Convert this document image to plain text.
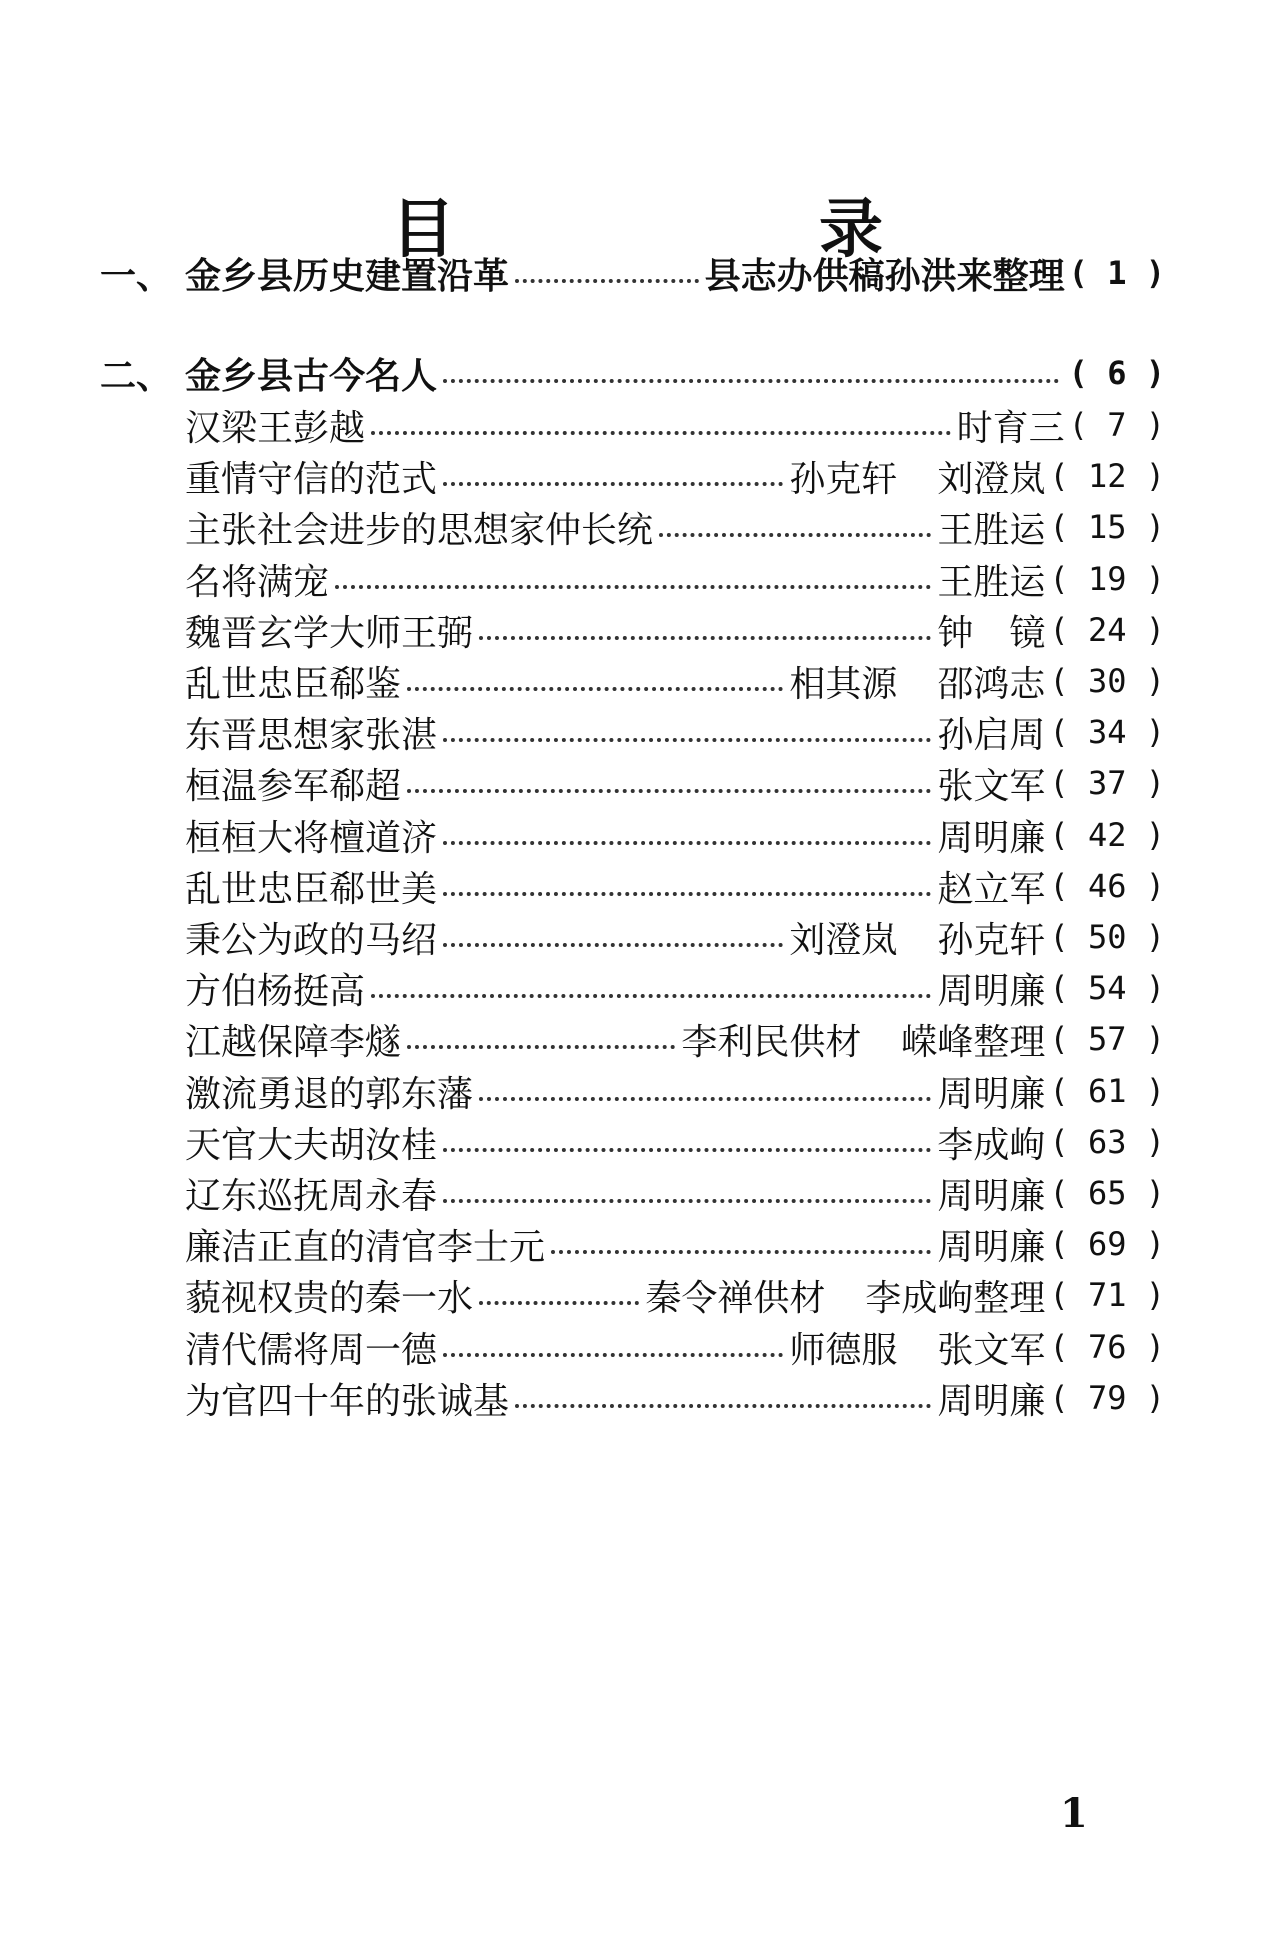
目　录
一、 金乡县历史建置沿革	县志办供稿孙洪来整理 ( 1 )
二、 金乡县古今名人	( 6 )
汉梁王彭越	时育三 ( 7 )
重情守信的范式	孙克轩 刘澄岚 ( 12 )
主张社会进步的思想家仲长统	王胜运 ( 15 )
名将满宠	王胜运 ( 19 )
魏晋玄学大师王弼	钟　镜 ( 24 )
乱世忠臣郗鉴	相其源 邵鸿志 ( 30 )
东晋思想家张湛	孙启周 ( 34 )
桓温参军郗超	张文军 ( 37 )
桓桓大将檀道济	周明廉 ( 42 )
乱世忠臣郗世美	赵立军 ( 46 )
秉公为政的马绍	刘澄岚 孙克轩 ( 50 )
方伯杨挺高	周明廉 ( 54 )
江越保障李燧	李利民供材 嵘峰整理 ( 57 )
激流勇退的郭东藩	周明廉 ( 61 )
天官大夫胡汝桂	李成岣 ( 63 )
辽东巡抚周永春	周明廉 ( 65 )
廉洁正直的清官李士元	周明廉 ( 69 )
藐视权贵的秦一水	秦令禅供材 李成岣整理 ( 71 )
清代儒将周一德	师德服 张文军 ( 76 )
为官四十年的张诚基	周明廉 ( 79 )
1
